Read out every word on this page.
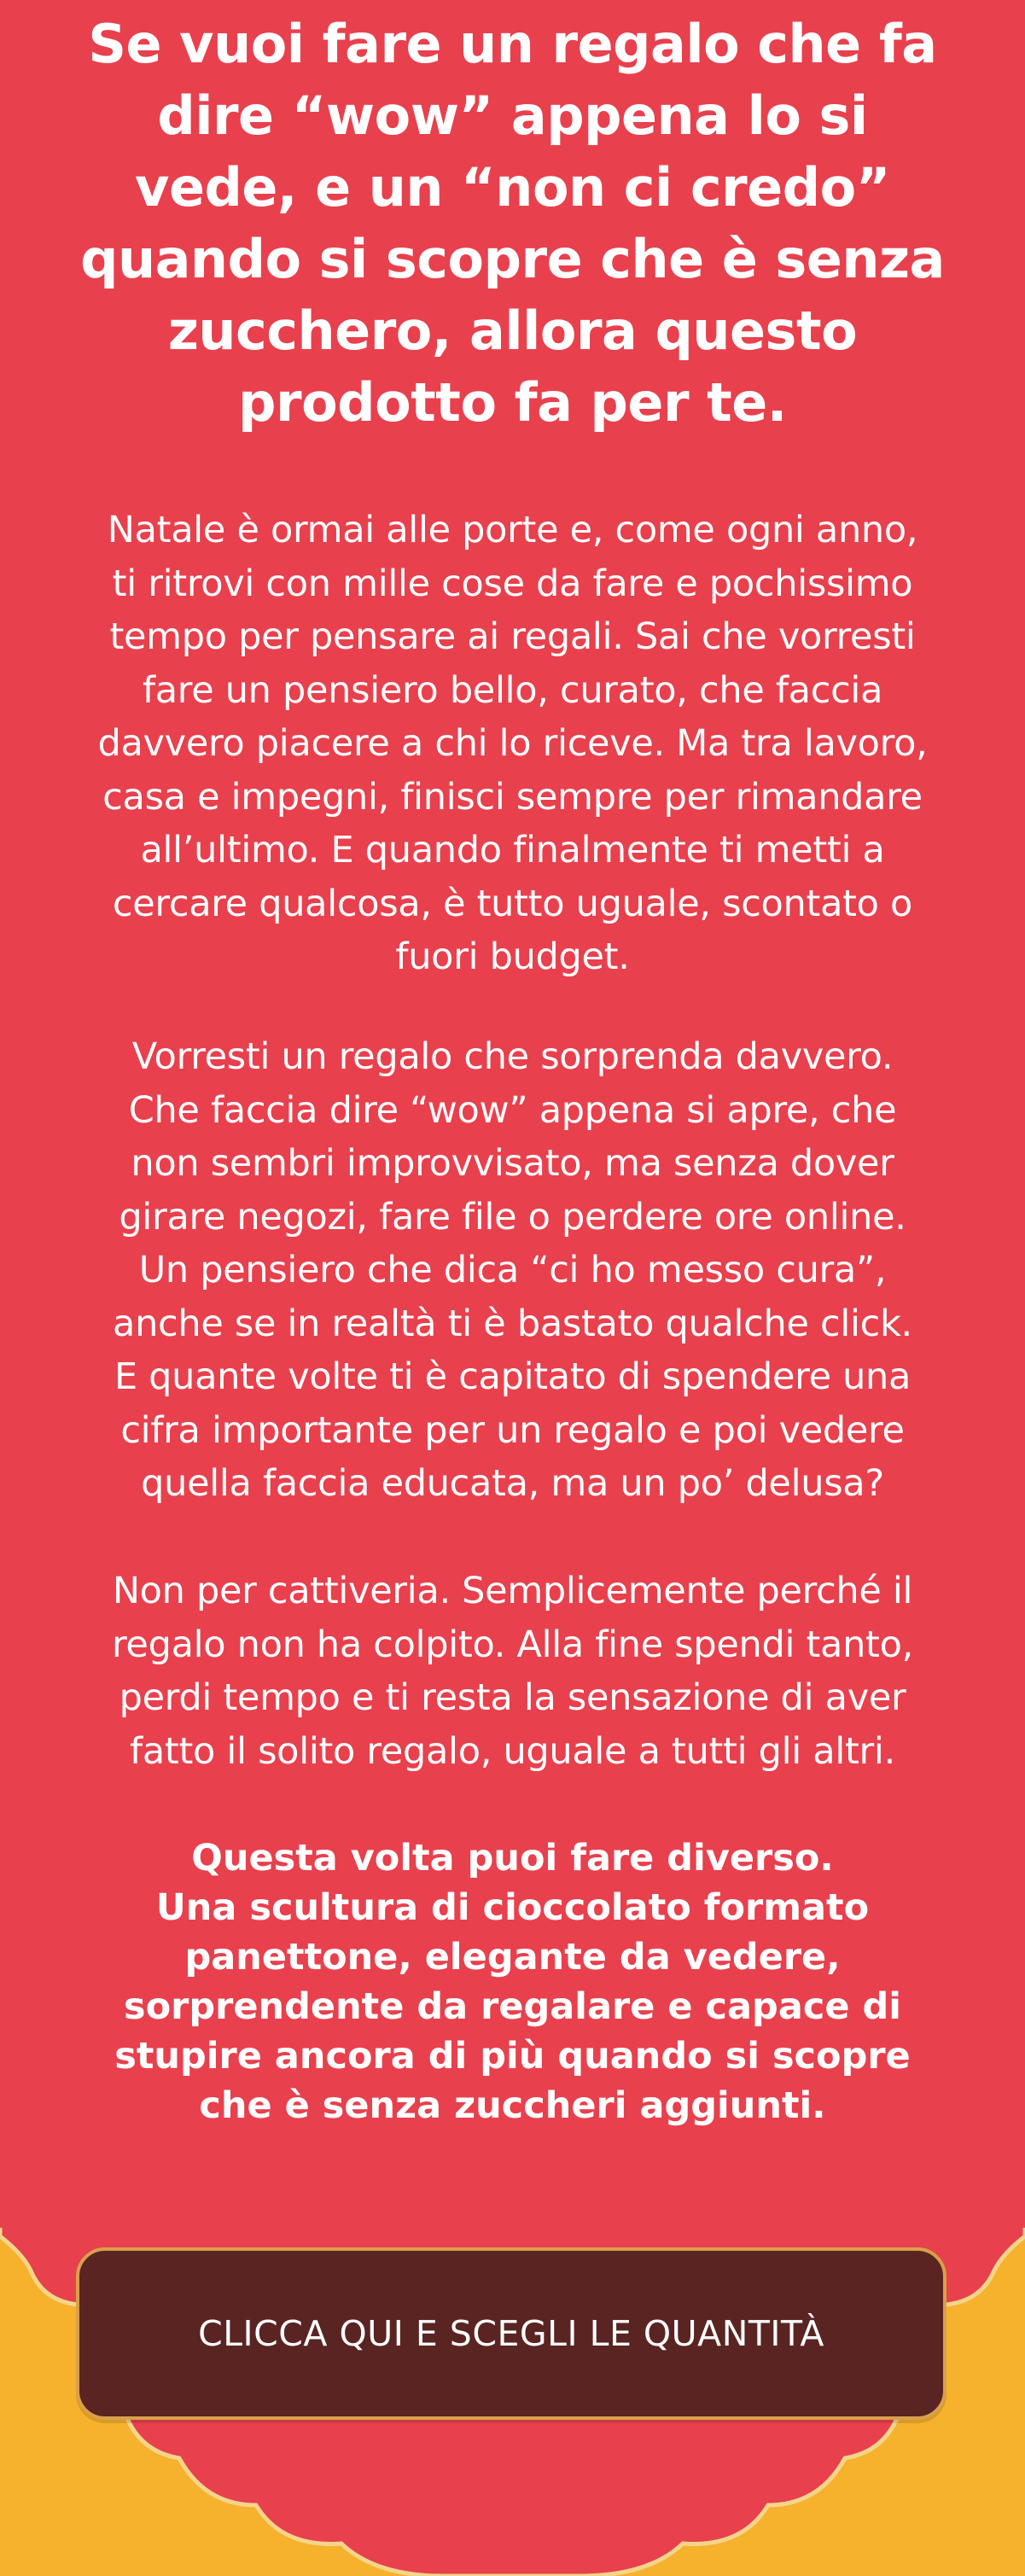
Se vuoi fare un regalo che fa
dire “wow” appena lo si
vede, e un “non ci credo”
quando si scopre che è senza
zucchero, allora questo
prodotto fa per te.

Natale è ormai alle porte e, come ogni anno,
ti ritrovi con mille cose da fare e pochissimo
tempo per pensare ai regali. Sai che vorresti
fare un pensiero bello, curato, che faccia
davvero piacere a chi lo riceve. Ma tra lavoro,
casa e impegni, finisci sempre per rimandare
all’ultimo. E quando finalmente ti metti a
cercare qualcosa, è tutto uguale, scontato o
fuori budget.

Vorresti un regalo che sorprenda davvero.
Che faccia dire “wow” appena si apre, che
non sembri improvvisato, ma senza dover
girare negozi, fare file o perdere ore online.
Un pensiero che dica “ci ho messo cura”,
anche se in realtà ti è bastato qualche click.
E quante volte ti è capitato di spendere una
cifra importante per un regalo e poi vedere
quella faccia educata, ma un po’ delusa?

Non per cattiveria. Semplicemente perché il
regalo non ha colpito. Alla fine spendi tanto,
perdi tempo e ti resta la sensazione di aver
fatto il solito regalo, uguale a tutti gli altri.

Questa volta puoi fare diverso.
Una scultura di cioccolato formato
panettone, elegante da vedere,
sorprendente da regalare e capace di
stupire ancora di più quando si scopre
che è senza zuccheri aggiunti.

CLICCA QUI E SCEGLI LE QUANTITÀ
